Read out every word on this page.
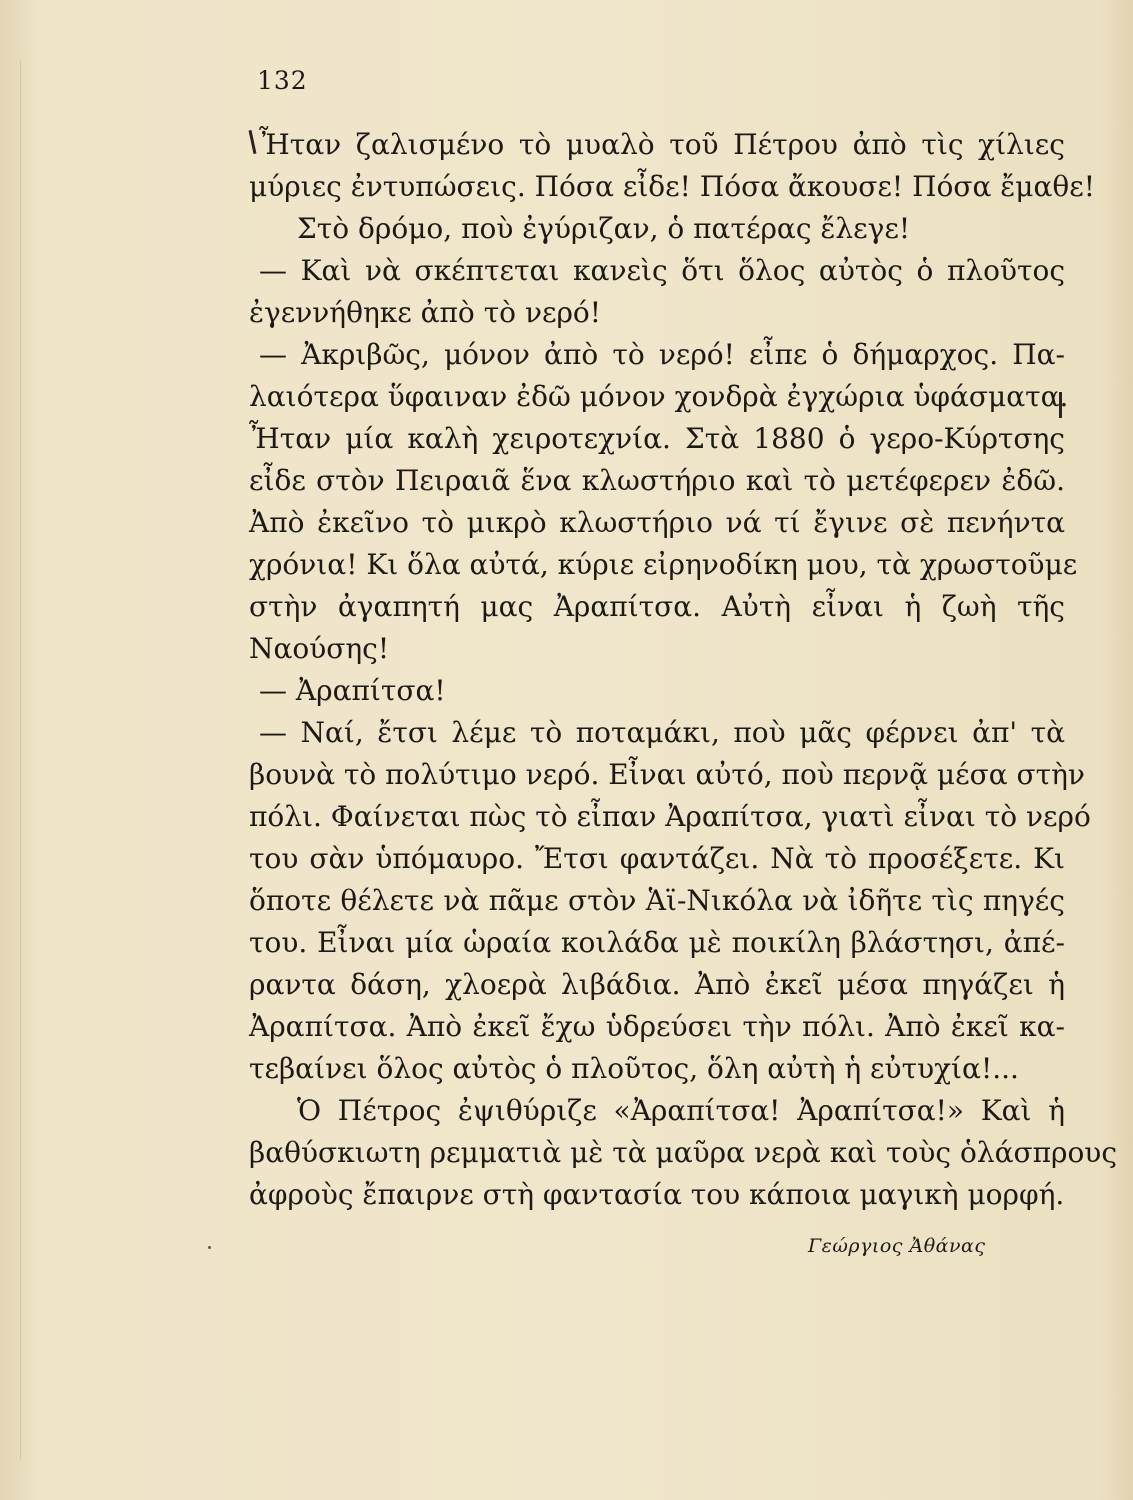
132
Ἦταν ζαλισμένο τὸ μυαλὸ τοῦ Πέτρου ἀπὸ τὶς χίλιες
μύριες ἐντυπώσεις. Πόσα εἶδε! Πόσα ἄκουσε! Πόσα ἔμαθε!
Στὸ δρόμο, ποὺ ἐγύριζαν, ὁ πατέρας ἔλεγε!
— Καὶ νὰ σκέπτεται κανεὶς ὅτι ὅλος αὐτὸς ὁ πλοῦτος
ἐγεννήθηκε ἀπὸ τὸ νερό!
— Ἀκριβῶς, μόνον ἀπὸ τὸ νερό! εἶπε ὁ δήμαρχος. Πα-
λαιότερα ὕφαιναν ἐδῶ μόνον χονδρὰ ἐγχώρια ὑφάσματα.
Ἦταν μία καλὴ χειροτεχνία. Στὰ 1880 ὁ γερο-Κύρτσης
εἶδε στὸν Πειραιᾶ ἕνα κλωστήριο καὶ τὸ μετέφερεν ἐδῶ.
Ἀπὸ ἐκεῖνο τὸ μικρὸ κλωστήριο νά τί ἔγινε σὲ πενήντα
χρόνια! Κι ὅλα αὐτά, κύριε εἰρηνοδίκη μου, τὰ χρωστοῦμε
στὴν ἀγαπητή μας Ἀραπίτσα. Αὐτὴ εἶναι ἡ ζωὴ τῆς
Ναούσης!
— Ἀραπίτσα!
— Ναί, ἔτσι λέμε τὸ ποταμάκι, ποὺ μᾶς φέρνει ἀπ' τὰ
βουνὰ τὸ πολύτιμο νερό. Εἶναι αὐτό, ποὺ περνᾷ μέσα στὴν
πόλι. Φαίνεται πὼς τὸ εἶπαν Ἀραπίτσα, γιατὶ εἶναι τὸ νερό
του σὰν ὑπόμαυρο. Ἔτσι φαντάζει. Νὰ τὸ προσέξετε. Κι
ὅποτε θέλετε νὰ πᾶμε στὸν Ἁϊ-Νικόλα νὰ ἰδῆτε τὶς πηγές
του. Εἶναι μία ὡραία κοιλάδα μὲ ποικίλη βλάστησι, ἀπέ-
ραντα δάση, χλοερὰ λιβάδια. Ἀπὸ ἐκεῖ μέσα πηγάζει ἡ
Ἀραπίτσα. Ἀπὸ ἐκεῖ ἔχω ὑδρεύσει τὴν πόλι. Ἀπὸ ἐκεῖ κα-
τεβαίνει ὅλος αὐτὸς ὁ πλοῦτος, ὅλη αὐτὴ ἡ εὐτυχία!...
Ὁ Πέτρος ἐψιθύριζε «Ἀραπίτσα! Ἀραπίτσα!» Καὶ ἡ
βαθύσκιωτη ρεμματιὰ μὲ τὰ μαῦρα νερὰ καὶ τοὺς ὁλάσπρους
ἀφροὺς ἔπαιρνε στὴ φαντασία του κάποια μαγικὴ μορφή.
Γεώργιος Ἀθάνας
